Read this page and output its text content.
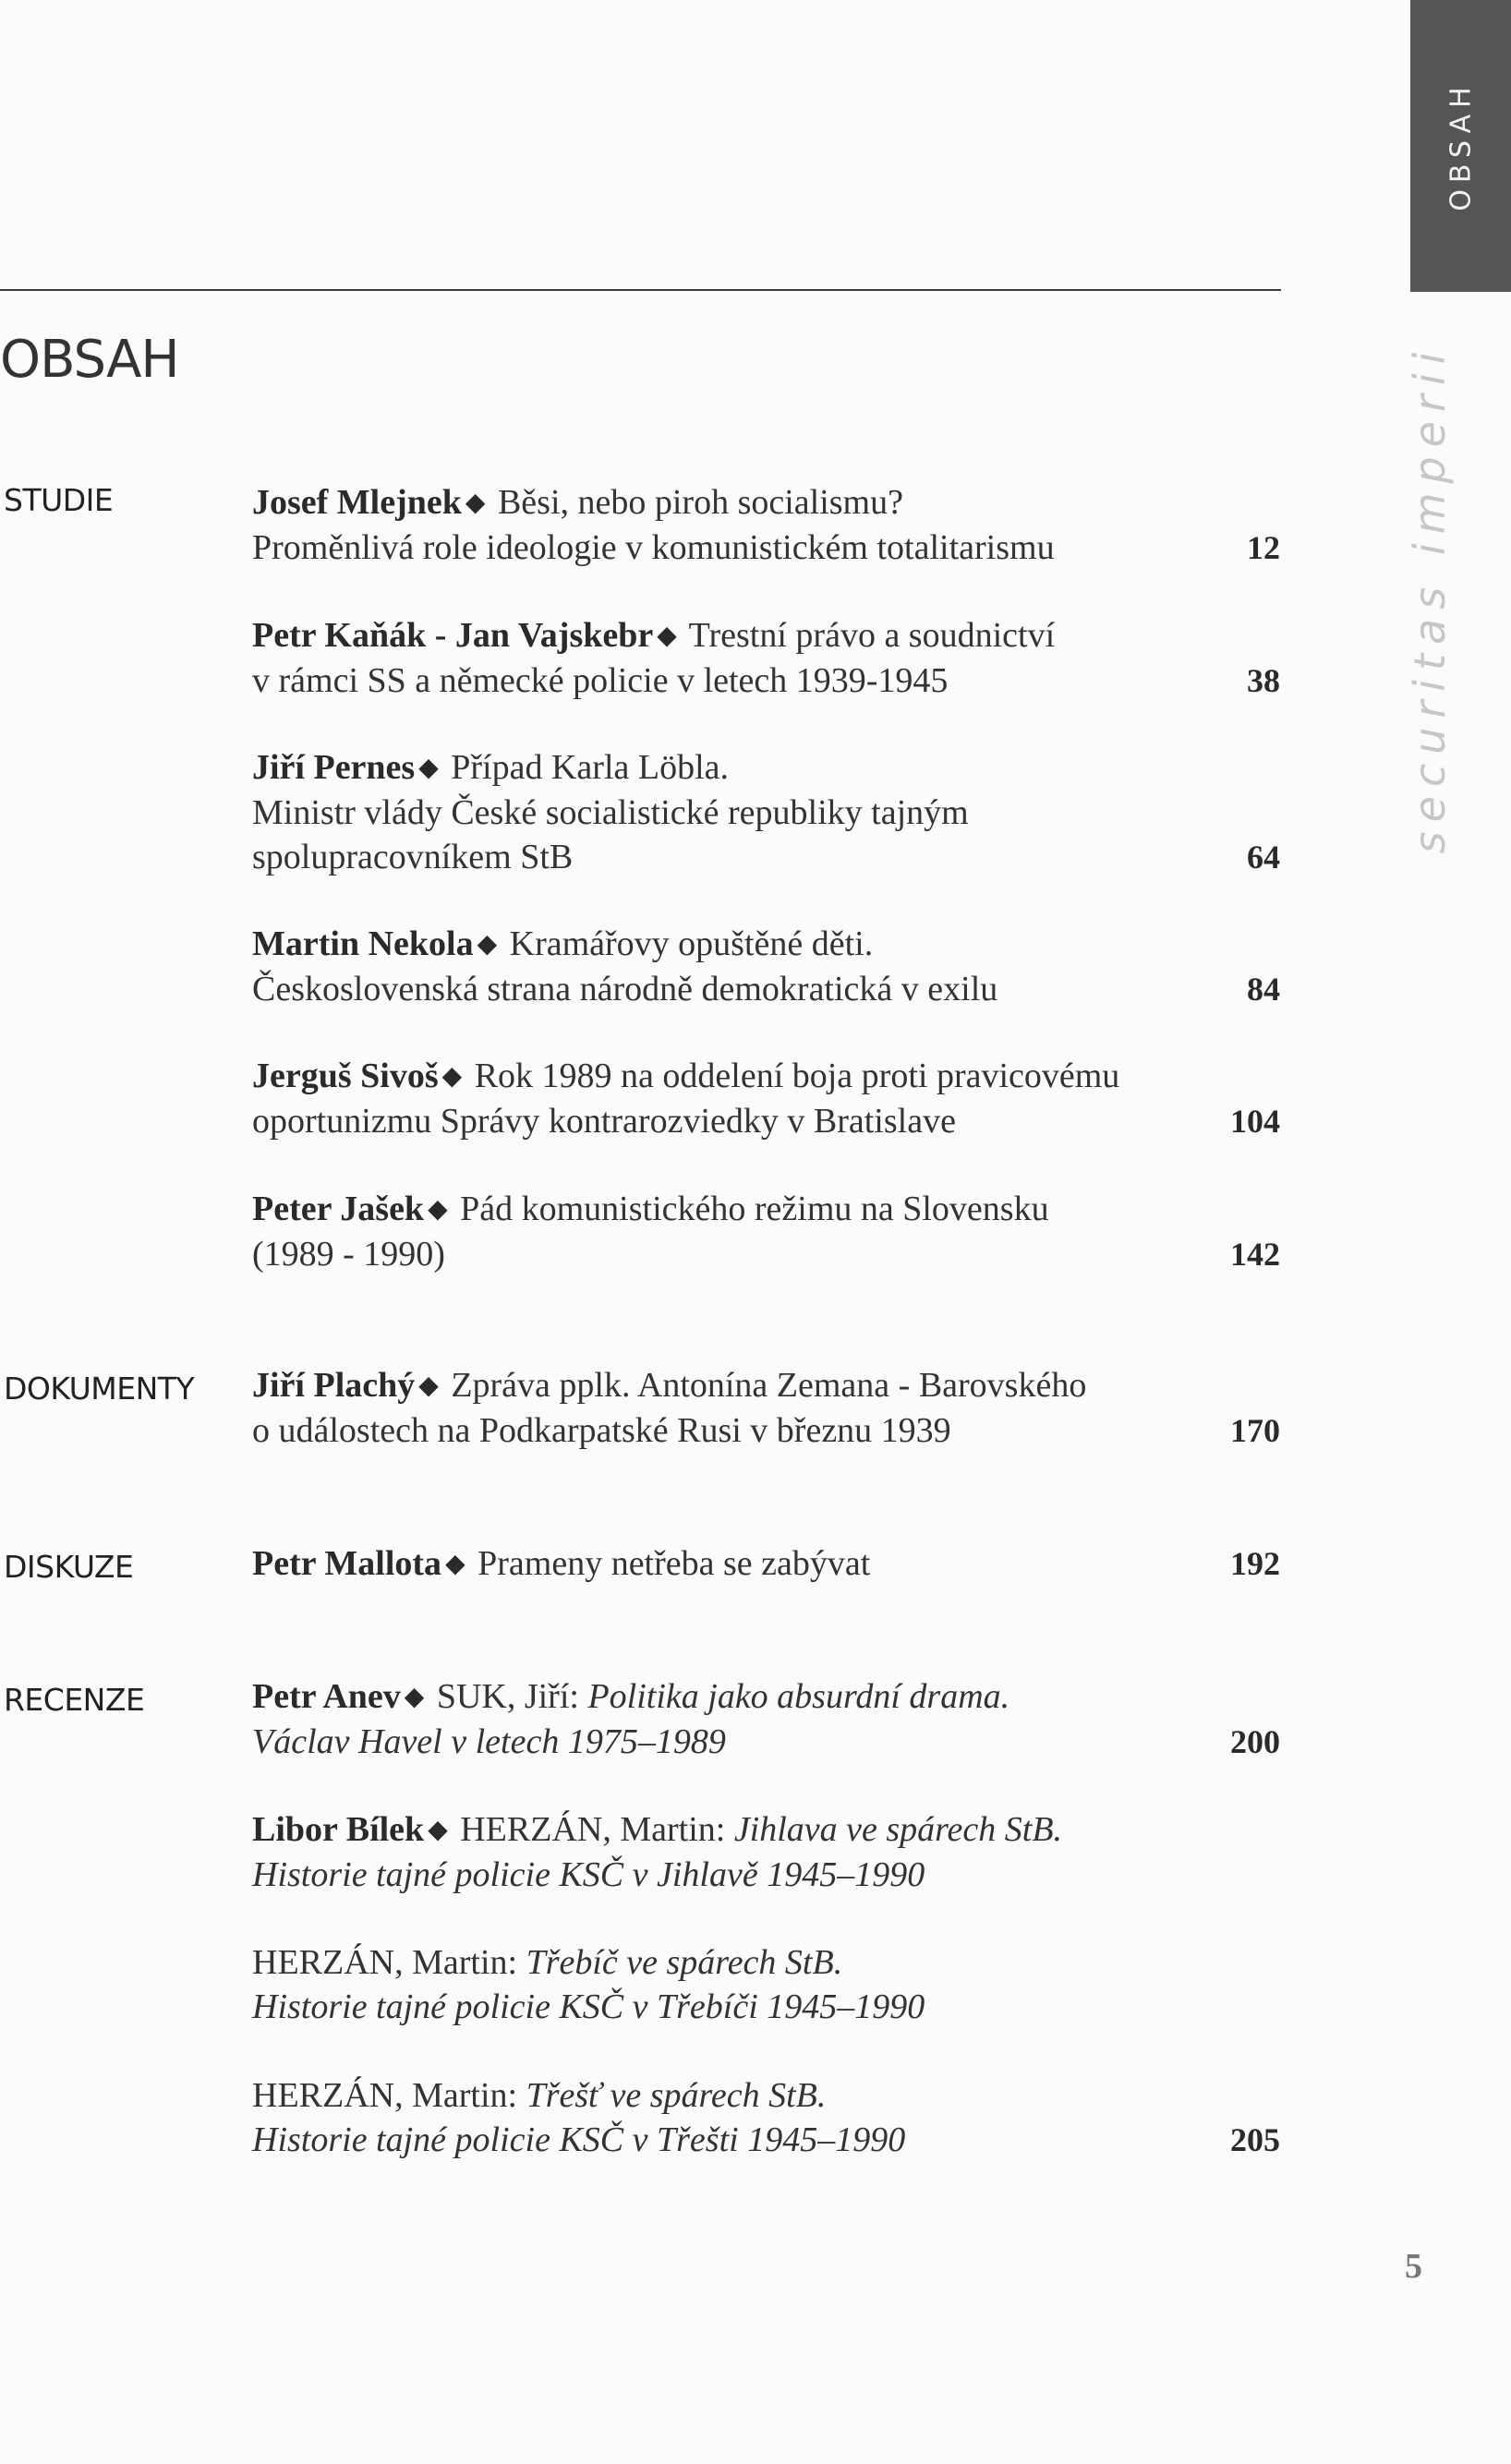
OBSAH
securitas imperii
OBSAH
STUDIE	Josef Mlejnek ◆ Běsi, nebo piroh socialismu?
Proměnlivá role ideologie v komunistickém totalitarismu	12
Petr Kaňák - Jan Vajskebr ◆ Trestní právo a soudnictví
v rámci SS a německé policie v letech 1939-1945	38
Jiří Pernes ◆ Případ Karla Löbla.
Ministr vlády České socialistické republiky tajným
spolupracovníkem StB	64
Martin Nekola ◆ Kramářovy opuštěné děti.
Československá strana národně demokratická v exilu	84
Jerguš Sivoš ◆ Rok 1989 na oddelení boja proti pravicovému
oportunizmu Správy kontrarozviedky v Bratislave	104
Peter Jašek ◆ Pád komunistického režimu na Slovensku
(1989 - 1990)	142
DOKUMENTY Jiří Plachý ◆ Zpráva pplk. Antonína Zemana - Barovského
o událostech na Podkarpatské Rusi v březnu 1939	170
DISKUZE	Petr Mallota ◆ Prameny netřeba se zabývat	192
RECENZE	Petr Anev ◆ SUK, Jiří: Politika jako absurdní drama.
Václav Havel v letech 1975–1989	200
Libor Bílek ◆ HERZÁN, Martin: Jihlava ve spárech StB.
Historie tajné policie KSČ v Jihlavě 1945–1990
HERZÁN, Martin: Třebíč ve spárech StB.
Historie tajné policie KSČ v Třebíči 1945–1990
HERZÁN, Martin: Třešť ve spárech StB.
Historie tajné policie KSČ v Třešti 1945–1990	205
5
